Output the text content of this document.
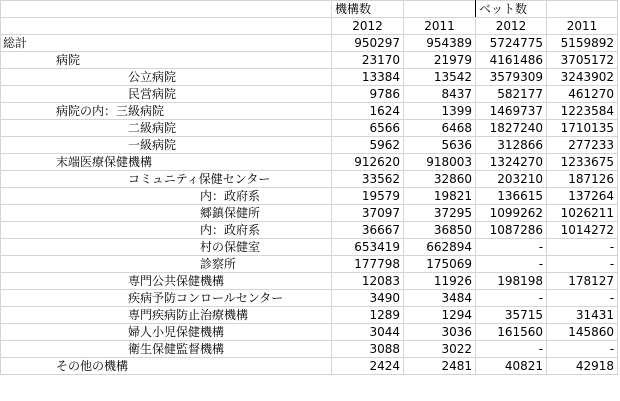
	機構数		ベット数	
	2012	2011	2012	2011

総計	950297	954389	5724775	5159892

病院	23170	21979	4161486	3705172

公立病院	13384	13542	3579309	3243902

民営病院	9786	8437	582177	461270

病院の内：三級病院	1624	1399	1469737	1223584

二級病院	6566	6468	1827240	1710135

一級病院	5962	5636	312866	277233

末端医療保健機構	912620	918003	1324270	1233675

コミュニティ保健センター	33562	32860	203210	187126

内：政府系	19579	19821	136615	137264

郷鎮保健所	37097	37295	1099262	1026211

内：政府系	36667	36850	1087286	1014272

村の保健室	653419	662894	-	-

診察所	177798	175069	-	-

専門公共保健機構	12083	11926	198198	178127

疾病予防コンロールセンター	3490	3484	-	-

専門疾病防止治療機構	1289	1294	35715	31431

婦人小児保健機構	3044	3036	161560	145860

衛生保健監督機構	3088	3022	-	-

その他の機構	2424	2481	40821	42918
